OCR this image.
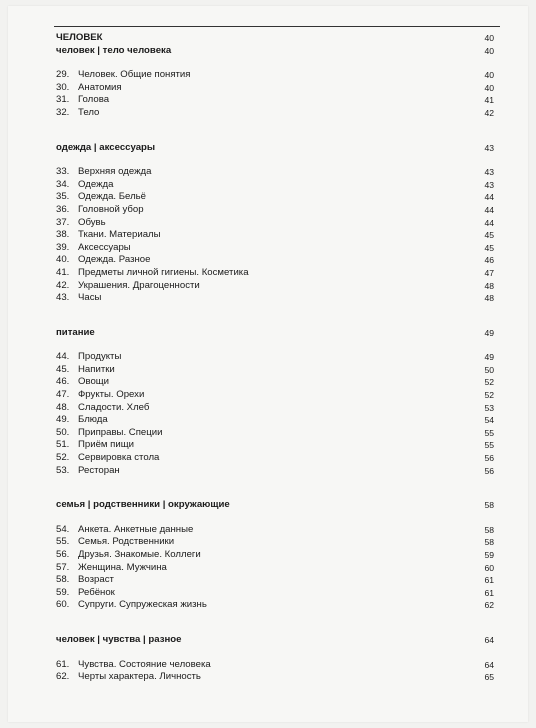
ЧЕЛОВЕК	40
человек | тело человека	40
29. Человек. Общие понятия	40
30. Анатомия	40
31. Голова	41
32. Тело	42
одежда | аксессуары	43
33. Верхняя одежда	43
34. Одежда	43
35. Одежда. Бельё	44
36. Головной убор	44
37. Обувь	44
38. Ткани. Материалы	45
39. Аксессуары	45
40. Одежда. Разное	46
41. Предметы личной гигиены. Косметика	47
42. Украшения. Драгоценности	48
43. Часы	48
питание	49
44. Продукты	49
45. Напитки	50
46. Овощи	52
47. Фрукты. Орехи	52
48. Сладости. Хлеб	53
49. Блюда	54
50. Приправы. Специи	55
51. Приём пищи	55
52. Сервировка стола	56
53. Ресторан	56
семья | родственники | окружающие	58
54. Анкета. Анкетные данные	58
55. Семья. Родственники	58
56. Друзья. Знакомые. Коллеги	59
57. Женщина. Мужчина	60
58. Возраст	61
59. Ребёнок	61
60. Супруги. Супружеская жизнь	62
человек | чувства | разное	64
61. Чувства. Состояние человека	64
62. Черты характера. Личность	65
